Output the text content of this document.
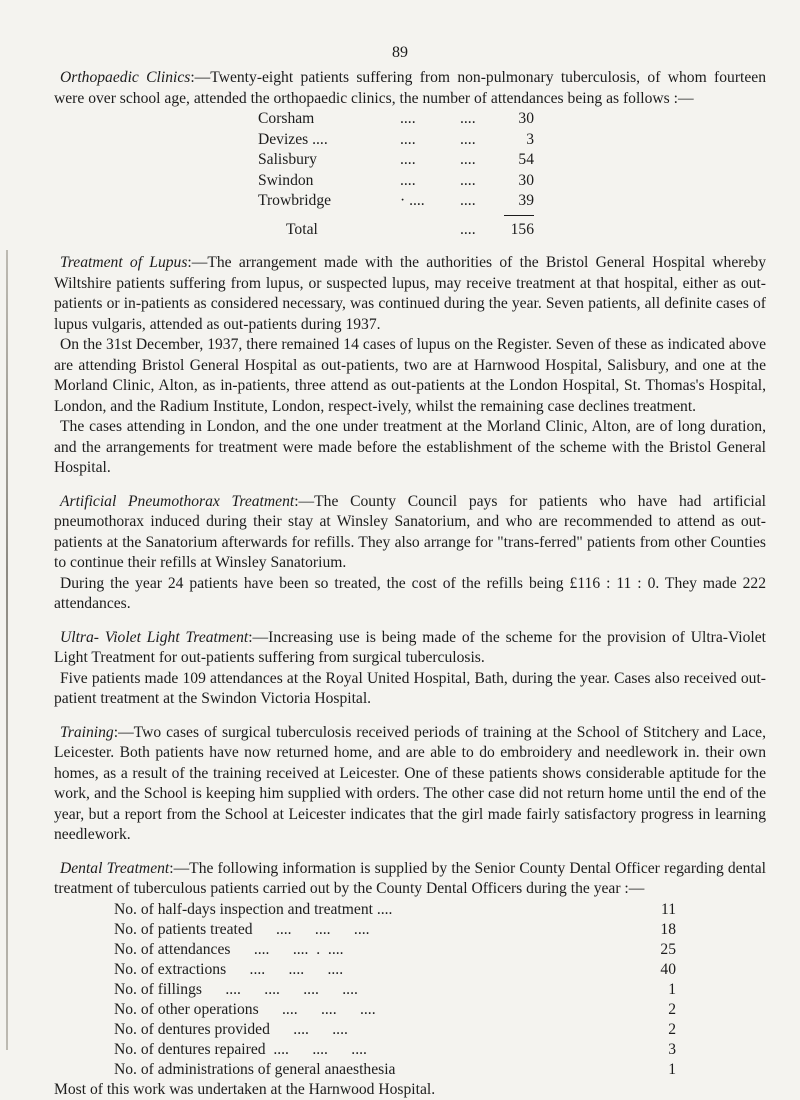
89

Orthopaedic Clinics:—Twenty-eight patients suffering from non-pulmonary tuberculosis, of whom fourteen were over school age, attended the orthopaedic clinics, the number of attendances being as follows :—

Corsham	....	....	30
Devizes ....	....	....	3
Salisbury	....	....	54
Swindon	....	....	30
Trowbridge	· ....	....	39

Total		....	156

Treatment of Lupus:—The arrangement made with the authorities of the Bristol General Hospital whereby Wiltshire patients suffering from lupus, or suspected lupus, may receive treatment at that hospital, either as out-patients or in-patients as considered necessary, was continued during the year. Seven patients, all definite cases of lupus vulgaris, attended as out-patients during 1937.

On the 31st December, 1937, there remained 14 cases of lupus on the Register. Seven of these as indicated above are attending Bristol General Hospital as out-patients, two are at Harnwood Hospital, Salisbury, and one at the Morland Clinic, Alton, as in-patients, three attend as out-patients at the London Hospital, St. Thomas's Hospital, London, and the Radium Institute, London, respect-ively, whilst the remaining case declines treatment.

The cases attending in London, and the one under treatment at the Morland Clinic, Alton, are of long duration, and the arrangements for treatment were made before the establishment of the scheme with the Bristol General Hospital.

Artificial Pneumothorax Treatment:—The County Council pays for patients who have had artificial pneumothorax induced during their stay at Winsley Sanatorium, and who are recommended to attend as out-patients at the Sanatorium afterwards for refills. They also arrange for "trans-ferred" patients from other Counties to continue their refills at Winsley Sanatorium.

During the year 24 patients have been so treated, the cost of the refills being £116 : 11 : 0. They made 222 attendances.

Ultra- Violet Light Treatment:—Increasing use is being made of the scheme for the provision of Ultra-Violet Light Treatment for out-patients suffering from surgical tuberculosis.

Five patients made 109 attendances at the Royal United Hospital, Bath, during the year. Cases also received out-patient treatment at the Swindon Victoria Hospital.

Training:—Two cases of surgical tuberculosis received periods of training at the School of Stitchery and Lace, Leicester. Both patients have now returned home, and are able to do embroidery and needlework in. their own homes, as a result of the training received at Leicester. One of these patients shows considerable aptitude for the work, and the School is keeping him supplied with orders. The other case did not return home until the end of the year, but a report from the School at Leicester indicates that the girl made fairly satisfactory progress in learning needlework.

Dental Treatment:—The following information is supplied by the Senior County Dental Officer regarding dental treatment of tuberculous patients carried out by the County Dental Officers during the year :—

No. of half-days inspection and treatment ....	11
No. of patients treated      ....      ....      ....	18
No. of attendances      ....      ....  .  ....	25
No. of extractions      ....      ....      ....	40
No. of fillings      ....      ....      ....      ....	1
No. of other operations      ....      ....      ....	2
No. of dentures provided      ....      ....	2
No. of dentures repaired  ....      ....      ....	3
No. of administrations of general anaesthesia	1

Most of this work was undertaken at the Harnwood Hospital.
